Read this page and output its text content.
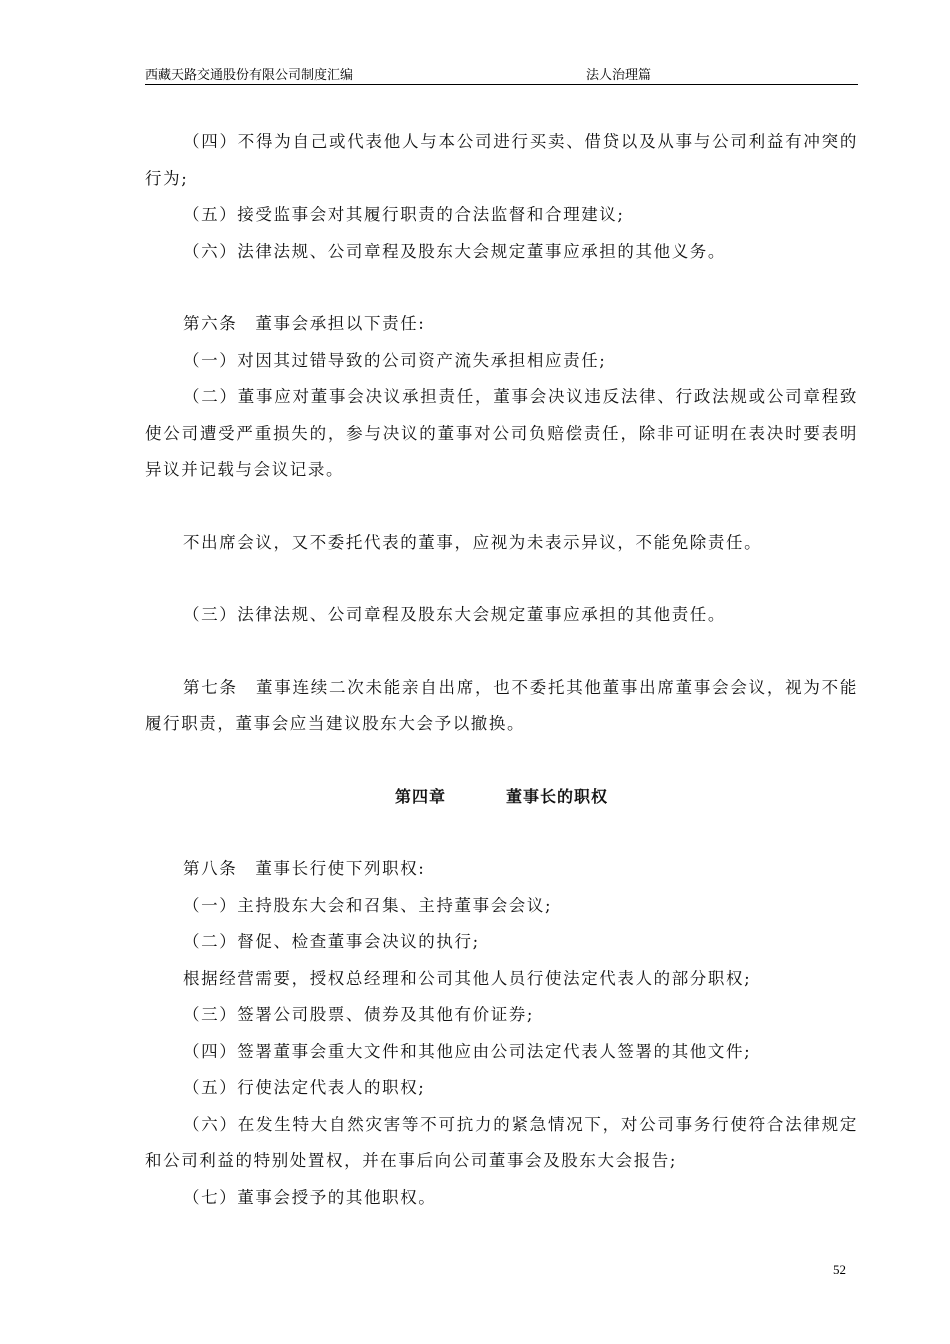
西藏天路交通股份有限公司制度汇编	法人治理篇

（四）不得为自己或代表他人与本公司进行买卖、借贷以及从事与公司利益有冲突的行为;

（五）接受监事会对其履行职责的合法监督和合理建议;

（六）法律法规、公司章程及股东大会规定董事应承担的其他义务。

第六条　董事会承担以下责任:

（一）对因其过错导致的公司资产流失承担相应责任;

（二）董事应对董事会决议承担责任，董事会决议违反法律、行政法规或公司章程致使公司遭受严重损失的，参与决议的董事对公司负赔偿责任，除非可证明在表决时要表明异议并记载与会议记录。

不出席会议，又不委托代表的董事，应视为未表示异议，不能免除责任。

（三）法律法规、公司章程及股东大会规定董事应承担的其他责任。

第七条　董事连续二次未能亲自出席，也不委托其他董事出席董事会会议，视为不能履行职责，董事会应当建议股东大会予以撤换。

第四章	董事长的职权

第八条　董事长行使下列职权:

（一）主持股东大会和召集、主持董事会会议;

（二）督促、检查董事会决议的执行;

根据经营需要，授权总经理和公司其他人员行使法定代表人的部分职权;

（三）签署公司股票、债券及其他有价证券;

（四）签署董事会重大文件和其他应由公司法定代表人签署的其他文件;

（五）行使法定代表人的职权;

（六）在发生特大自然灾害等不可抗力的紧急情况下，对公司事务行使符合法律规定和公司利益的特别处置权，并在事后向公司董事会及股东大会报告;

（七）董事会授予的其他职权。

52
